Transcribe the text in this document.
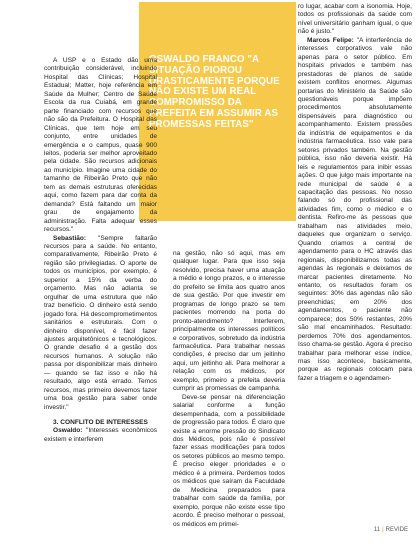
OSWALDO FRANCO "A SITUAÇÃO PIOROU DRASTICAMENTE PORQUE NÃO EXISTE UM REAL COMPROMISSO DA PREFEITA EM ASSUMIR AS PROMESSAS FEITAS"

A USP e o Estado dão uma contribuição considerável, incluindo Hospital das Clínicas; Hospital Estadual; Matter, hoje referência em Saúde da Mulher; Centro de Saúde Escola da rua Cuiabá, em grande parte financiado com recursos que não são da Prefeitura. O Hospital das Clínicas, que tem hoje em seu conjunto, entre unidades de emergência e o campus, quase 900 leitos, poderia ser melhor aproveitado pela cidade. São recursos adicionais ao município. Imagine uma cidade do tamanho de Ribeirão Preto que não tem as demais estruturas oferecidas aqui, como fazem para dar conta da demanda? Está faltando um maior grau de engajamento da administração. Falta adequar esses recursos."

Sebastião: "Sempre faltarão recursos para a saúde. No entanto, comparativamente, Ribeirão Preto é região são privilegiadas. O aporte de todos os municípios, por exemplo, é superior a 15% da verba do orçamento. Mas não adianta se orgulhar de uma estrutura que não traz benefício. O dinheiro está sendo jogado fora. Há descomprometimentos sanitários e estruturais. Com o dinheiro disponível, é fácil fazer ajustes arquitetônicos e tecnológicos. O grande desafio é a gestão dos recursos humanos. A solução não passa por disponibilizar mais dinheiro — quando se faz isso e não há resultado, algo está errado. Temos recursos, mas primeiro devemos fazer uma boa gestão para saber onde investir."

3. CONFLITO DE INTERESSES

Oswaldo: "Interesses econômicos existem e interferem

na gestão, não só aqui, mas em qualquer lugar. Para que isso seja resolvido, precisa haver uma atuação a médio e longo prazos, e o interesse do prefeito se limita aos quatro anos de sua gestão. Por que investir em programas de longo prazo se tem pacientes morrendo na porta do pronto-atendimento? Interferem, principalmente os interesses políticos e corporativos, sobretudo da indústria farmacêutica. Para trabalhar nessas condições, é preciso dar um jeitinho aqui, um jeitinho ali. Para melhorar a relação com os médicos, por exemplo, primeiro a prefeita deveria cumprir as promessas de campanha.

Deve-se pensar na diferenciação salarial conforme a função desempenhada, com a possibilidade de progressão para todos. É claro que existe a enorme pressão do Sindicato dos Médicos, pois não é possível fazer essas modificações para todos os setores públicos ao mesmo tempo. É preciso eleger prioridades e o médico é a primeira. Perdemos todos os médicos que saíram da Faculdade de Medicina preparados para trabalhar com saúde da família, por exemplo, porque não existe esse tipo acordo. É preciso melhorar o pessoal, os médicos em primei-

ro lugar, acabar com a isonomia. Hoje, todos os profissionais da saúde com nível universitário ganham igual, o que não é justo."

Marcos Felipe: "A interferência de interesses corporativos vale não apenas para o setor público. Em hospitais privados e também nas prestadoras de planos de saúde existem conflitos enormes. Algumas portarias do Ministério da Saúde são questionáveis porque impõem procedimentos absolutamente dispensáveis para diagnóstico ou acompanhamento. Existem pressões da indústria de equipamentos e da indústria farmacêutica. Isso vale para setores privados também. Na gestão pública, isso não deveria existir. Há leis e regulamentos para inibir essas ações. O que julgo mais importante na rede municipal de saúde é a capacitação das pessoas. No nosso falando só do profissional das atividades fim, como o médico e o dentista. Refiro-me às pessoas que trabalham nas atividades meio, daqueles que organizam o serviço. Quando criamos a central de agendamento para o HC através das regionais, disponibilizamos todas as agendas às regionais e deixamos de marcar pacientes diretamente. No entanto, os resultados foram os seguintes: 30% das agendas não são preenchidas; em 20% dos agendamentos, o paciente não comparece; dos 50% restantes, 20% são mal encaminhados. Resultado: perdemos 70% dos agendamentos. Isso chama-se gestão. Agora é preciso trabalhar para melhorar esse índice, mas isso acontece, basicamente, porque as regionais colocam para fazer a triagem e o agendamen-

11 | REVIDE
